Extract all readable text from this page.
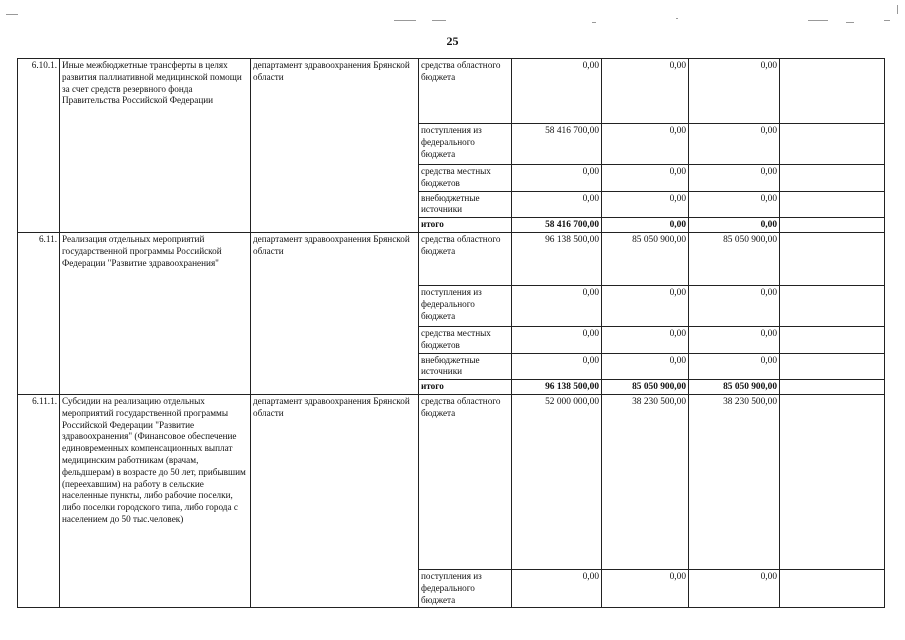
25
6.10.1.	Иные межбюджетные трансферты в целях развития паллиативной медицинской помощи за счет средств резервного фонда Правительства Российской Федерации	департамент здравоохранения Брянской области	средства областного бюджета	0,00	0,00	0,00	
			поступления из федерального бюджета	58 416 700,00	0,00	0,00	
			средства местных бюджетов	0,00	0,00	0,00	
			внебюджетные источники	0,00	0,00	0,00	
			итого	58 416 700,00	0,00	0,00	
6.11.	Реализация отдельных мероприятий государственной программы Российской Федерации "Развитие здравоохранения"	департамент здравоохранения Брянской области	средства областного бюджета	96 138 500,00	85 050 900,00	85 050 900,00	
			поступления из федерального бюджета	0,00	0,00	0,00	
			средства местных бюджетов	0,00	0,00	0,00	
			внебюджетные источники	0,00	0,00	0,00	
			итого	96 138 500,00	85 050 900,00	85 050 900,00	
6.11.1.	Субсидии на реализацию отдельных мероприятий государственной программы Российской Федерации "Развитие здравоохранения" (Финансовое обеспечение единовременных компенсационных выплат медицинским работникам (врачам, фельдшерам) в возрасте до 50 лет, прибывшим (переехавшим) на работу в сельские населенные пункты, либо рабочие поселки, либо поселки городского типа, либо города с населением до 50 тыс.человек)	департамент здравоохранения Брянской области	средства областного бюджета	52 000 000,00	38 230 500,00	38 230 500,00	
			поступления из федерального бюджета	0,00	0,00	0,00	
